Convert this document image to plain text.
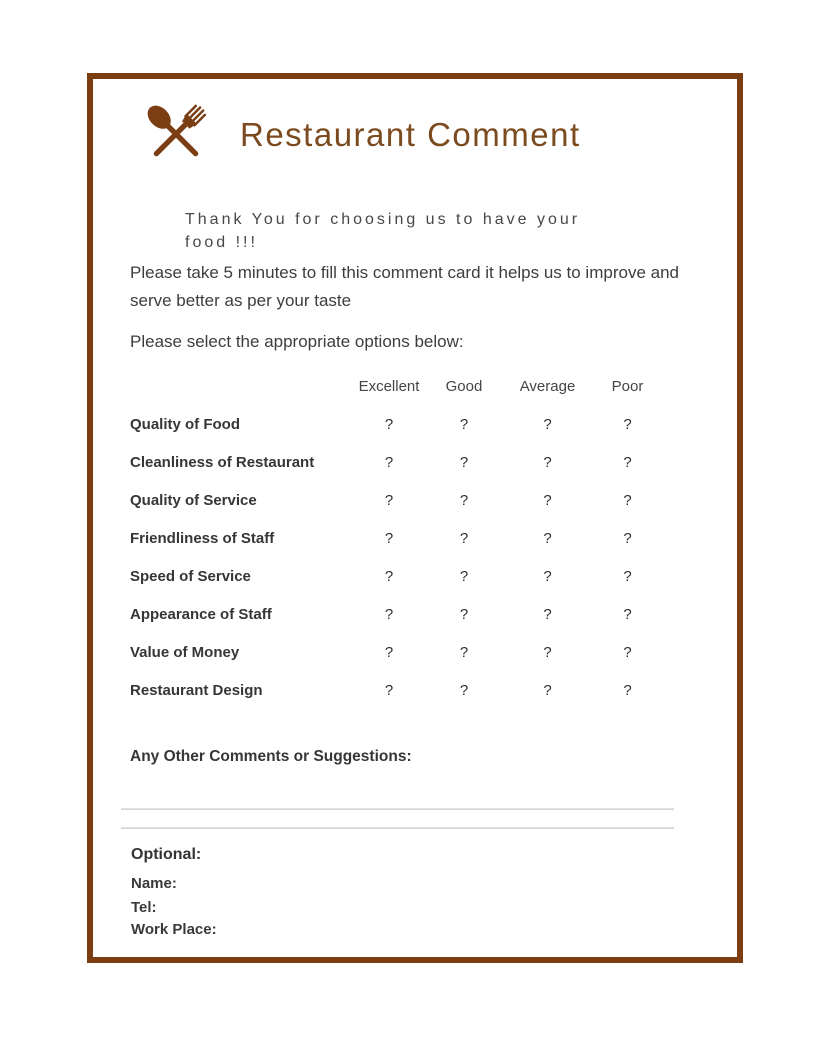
Restaurant Comment
Thank You for choosing us to have your
food !!!
Please take 5 minutes to fill this comment card it helps us to improve and serve better as per your taste
Please select the appropriate options below:
Excellent	Good	Average	Poor
Quality of Food	?	?	?	?
Cleanliness of Restaurant	?	?	?	?
Quality of Service	?	?	?	?
Friendliness of Staff	?	?	?	?
Speed of Service	?	?	?	?
Appearance of Staff	?	?	?	?
Value of Money	?	?	?	?
Restaurant Design	?	?	?	?
Any Other Comments or Suggestions:
Optional:
Name:
Tel:
Work Place:
